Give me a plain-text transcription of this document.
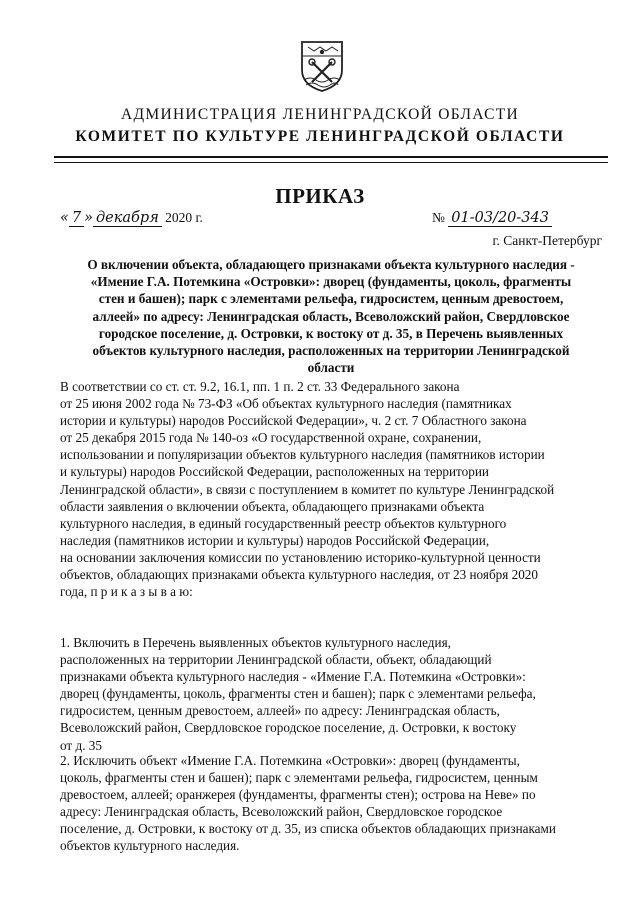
АДМИНИСТРАЦИЯ ЛЕНИНГРАДСКОЙ ОБЛАСТИ
КОМИТЕТ ПО КУЛЬТУРЕ ЛЕНИНГРАДСКОЙ ОБЛАСТИ
ПРИКАЗ
« 7 » декабря 2020 г.	№ 01-03/20-343
г. Санкт-Петербург
О включении объекта, обладающего признаками объекта культурного наследия -
«Имение Г.А. Потемкина «Островки»: дворец (фундаменты, цоколь, фрагменты
стен и башен); парк с элементами рельефа, гидросистем, ценным древостоем,
аллеей» по адресу: Ленинградская область, Всеволожский район, Свердловское
городское поселение, д. Островки, к востоку от д. 35, в Перечень выявленных
объектов культурного наследия, расположенных на территории Ленинградской
области
В соответствии со ст. ст. 9.2, 16.1, пп. 1 п. 2 ст. 33 Федерального закона
от 25 июня 2002 года № 73-ФЗ «Об объектах культурного наследия (памятниках
истории и культуры) народов Российской Федерации», ч. 2 ст. 7 Областного закона
от 25 декабря 2015 года № 140-оз «О государственной охране, сохранении,
использовании и популяризации объектов культурного наследия (памятников истории
и культуры) народов Российской Федерации, расположенных на территории
Ленинградской области», в связи с поступлением в комитет по культуре Ленинградской
области заявления о включении объекта, обладающего признаками объекта
культурного наследия, в единый государственный реестр объектов культурного
наследия (памятников истории и культуры) народов Российской Федерации,
на основании заключения комиссии по установлению историко-культурной ценности
объектов, обладающих признаками объекта культурного наследия, от 23 ноября 2020
года, п р и к а з ы в а ю:
1. Включить в Перечень выявленных объектов культурного наследия,
расположенных на территории Ленинградской области, объект, обладающий
признаками объекта культурного наследия - «Имение Г.А. Потемкина «Островки»:
дворец (фундаменты, цоколь, фрагменты стен и башен); парк с элементами рельефа,
гидросистем, ценным древостоем, аллеей» по адресу: Ленинградская область,
Всеволожский район, Свердловское городское поселение, д. Островки, к востоку
от д. 35
2. Исключить объект «Имение Г.А. Потемкина «Островки»: дворец (фундаменты,
цоколь, фрагменты стен и башен); парк с элементами рельефа, гидросистем, ценным
древостоем, аллеей; оранжерея (фундаменты, фрагменты стен); острова на Неве» по
адресу: Ленинградская область, Всеволожский район, Свердловское городское
поселение, д. Островки, к востоку от д. 35, из списка объектов обладающих признаками
объектов культурного наследия.
